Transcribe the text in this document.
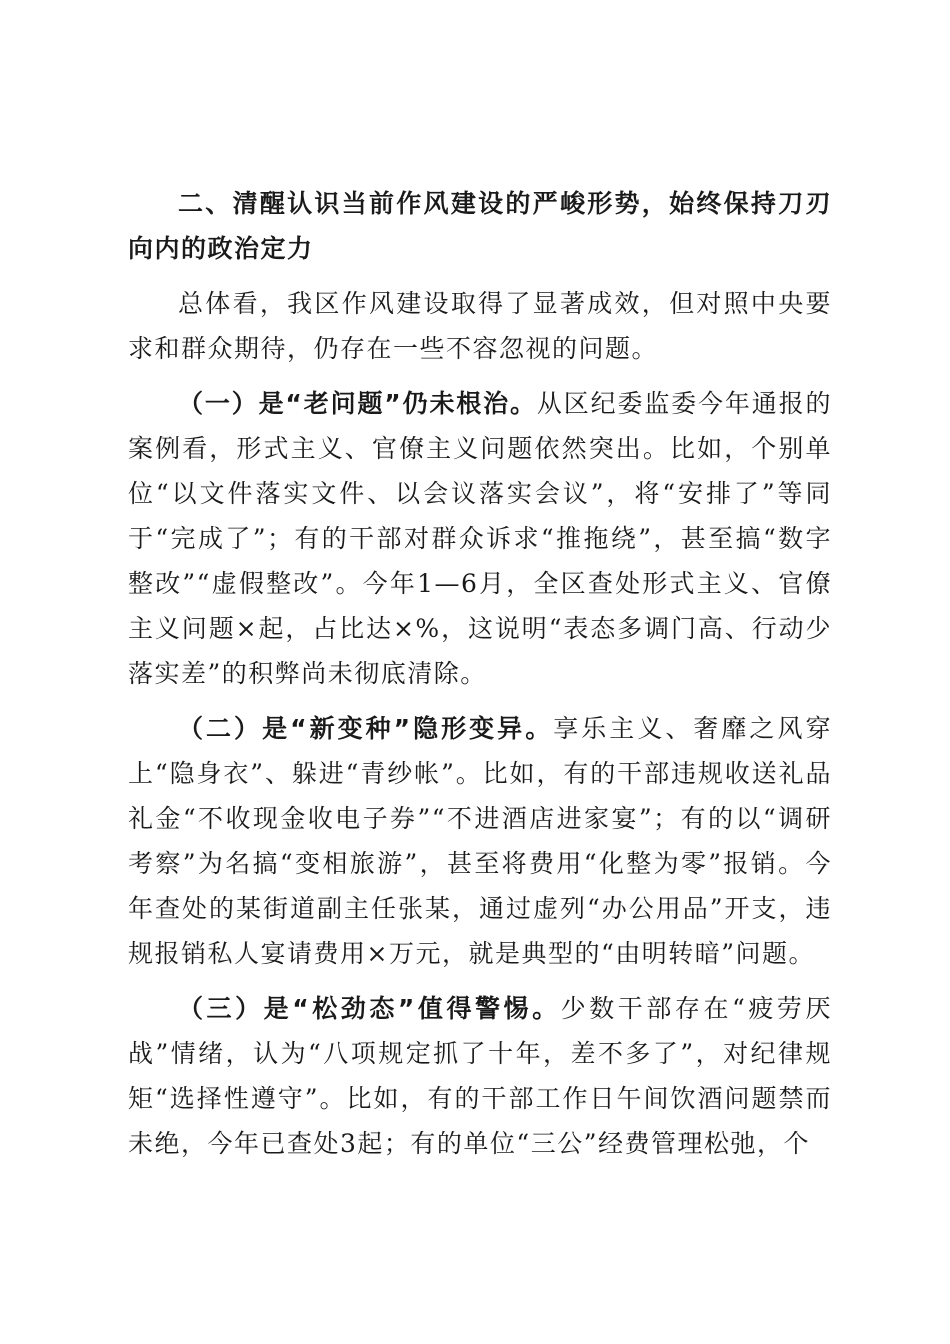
二、清醒认识当前作风建设的严峻形势，始终保持刀刃向内的政治定力

总体看，我区作风建设取得了显著成效，但对照中央要求和群众期待，仍存在一些不容忽视的问题。

（一）是“老问题”仍未根治。从区纪委监委今年通报的案例看，形式主义、官僚主义问题依然突出。比如，个别单位“以文件落实文件、以会议落实会议”，将“安排了”等同于“完成了”；有的干部对群众诉求“推拖绕”，甚至搞“数字整改”“虚假整改”。今年1—6月，全区查处形式主义、官僚主义问题×起，占比达×%，这说明“表态多调门高、行动少落实差”的积弊尚未彻底清除。

（二）是“新变种”隐形变异。享乐主义、奢靡之风穿上“隐身衣”、躲进“青纱帐”。比如，有的干部违规收送礼品礼金“不收现金收电子券”“不进酒店进家宴”；有的以“调研考察”为名搞“变相旅游”，甚至将费用“化整为零”报销。今年查处的某街道副主任张某，通过虚列“办公用品”开支，违规报销私人宴请费用×万元，就是典型的“由明转暗”问题。

（三）是“松劲态”值得警惕。少数干部存在“疲劳厌战”情绪，认为“八项规定抓了十年，差不多了”，对纪律规矩“选择性遵守”。比如，有的干部工作日午间饮酒问题禁而未绝，今年已查处3起；有的单位“三公”经费管理松弛，个
